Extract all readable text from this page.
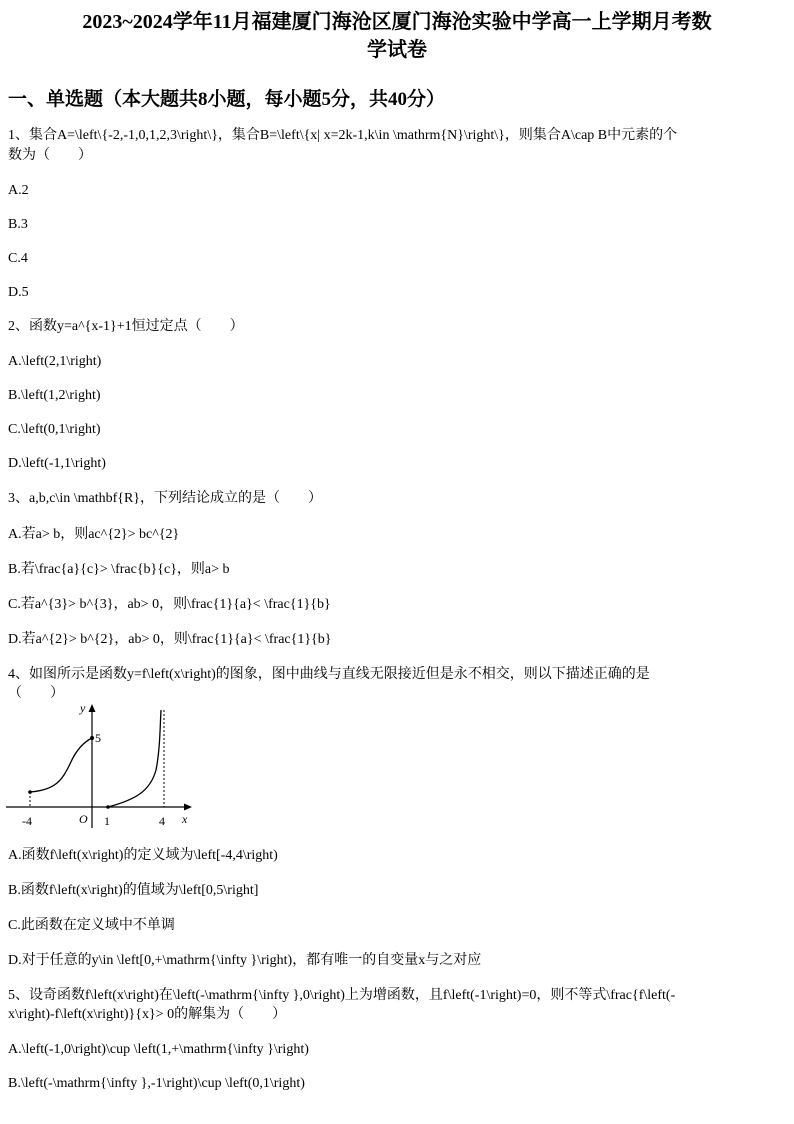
2023~2024学年11月福建厦门海沧区厦门海沧实验中学高一上学期月考数
学试卷
一、单选题（本大题共8小题，每小题5分，共40分）
1、集合A=\left\{-2,-1,0,1,2,3\right\}，集合B=\left\{x| x=2k-1,k\in \mathrm{N}\right\}，则集合A\cap B中元素的个
数为（　　）
A.2
B.3
C.4
D.5
2、函数y=a^{x-1}+1恒过定点（　　）
A.\left(2,1\right)
B.\left(1,2\right)
C.\left(0,1\right)
D.\left(-1,1\right)
3、a,b,c\in \mathbf{R}，下列结论成立的是（　　）
A.若a> b，则ac^{2}> bc^{2}
B.若\frac{a}{c}> \frac{b}{c}，则a> b
C.若a^{3}> b^{3}，ab> 0，则\frac{1}{a}< \frac{1}{b}
D.若a^{2}> b^{2}，ab> 0，则\frac{1}{a}< \frac{1}{b}
4、如图所示是函数y=f\left(x\right)的图象，图中曲线与直线无限接近但是永不相交，则以下描述正确的是
（　　）
y
x
O
-4	1	4
5
A.函数f\left(x\right)的定义域为\left[-4,4\right)
B.函数f\left(x\right)的值域为\left[0,5\right]
C.此函数在定义域中不单调
D.对于任意的y\in \left[0,+\mathrm{\infty }\right)，都有唯一的自变量x与之对应
5、设奇函数f\left(x\right)在\left(-\mathrm{\infty },0\right)上为增函数，且f\left(-1\right)=0，则不等式\frac{f\left(-
x\right)-f\left(x\right)}{x}> 0的解集为（　　）
A.\left(-1,0\right)\cup \left(1,+\mathrm{\infty }\right)
B.\left(-\mathrm{\infty },-1\right)\cup \left(0,1\right)
